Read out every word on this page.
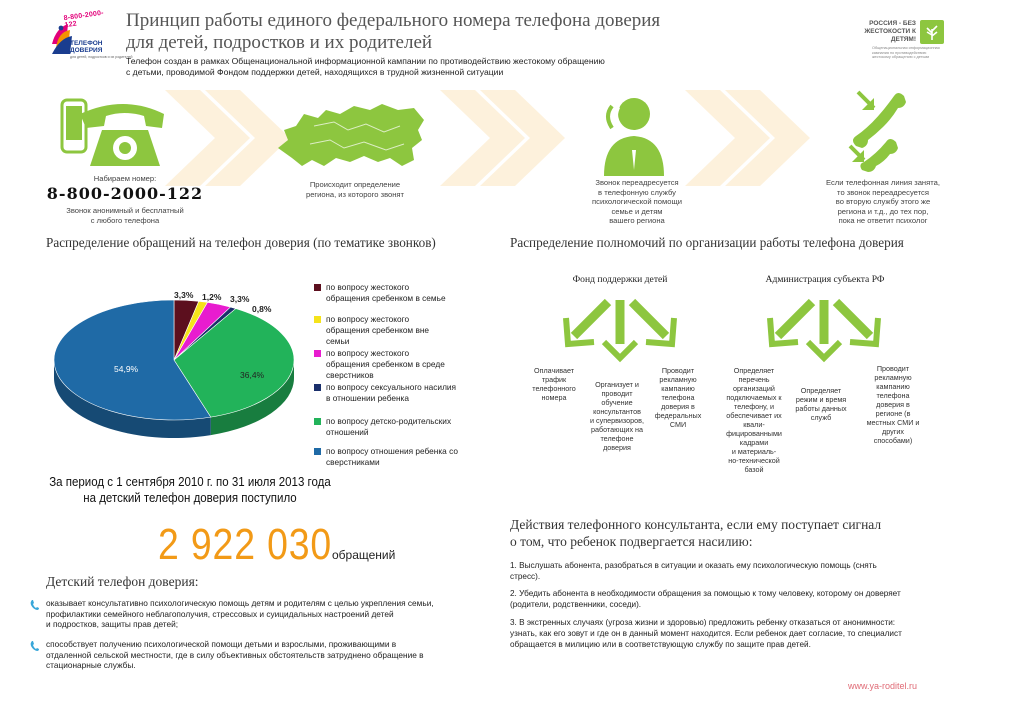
8-800-2000-122
ТЕЛЕФОН ДОВЕРИЯ
для детей, подростков и их родителей
Принцип работы единого федерального номера телефона доверия
для детей, подростков и их родителей
Телефон создан в рамках Общенациональной информационной кампании по противодействию жестокому обращению
с детьми, проводимой Фондом поддержки детей, находящихся в трудной жизненной ситуации
РОССИЯ - БЕЗ ЖЕСТОКОСТИ К ДЕТЯМ!
Общенациональная информационная кампания по противодействию жестокому обращению с детьми
Набираем номер:
8-800-2000-122
Звонок анонимный и бесплатный
с любого телефона
Происходит определение
региона, из которого звонят
Звонок переадресуется
в телефонную службу
психологической помощи
семье и детям
вашего региона
Если телефонная линия занята,
то звонок переадресуется
во вторую службу этого же
региона и т.д., до тех пор,
пока не ответит психолог
Распределение обращений на телефон доверия (по тематике звонков)
3,3% 1,2% 3,3%
0,8%
36,4%
54,9%
по вопросу жестокого
обращения сребенком в семье
по вопросу жестокого
обращения сребенком вне
семьи
по вопросу жестокого
обращения сребенком в среде
сверстников
по вопросу сексуального насилия
в отношении ребенка
по вопросу детско-родительских
отношений
по вопросу отношения ребенка со
сверстниками
За период с 1 сентября 2010 г. по 31 июля 2013 года
на детский телефон доверия поступило
2 922 030 обращений
Детский телефон доверия:
оказывает консультативно психологическую помощь детям и родителям с целью укрепления семьи,
профилактики семейного неблагополучия, стрессовых и суицидальных настроений детей
и подростков, защиты прав детей;
способствует получению психологической помощи детьми и взрослыми, проживающими в
отдаленной сельской местности, где в силу объективных обстоятельств затруднено обращение в
стационарные службы.
Распределение полномочий по организации работы телефона доверия
Фонд поддержки детей	Администрация субъекта РФ
Оплачивает
трафик
телефонного
номера
Организует и
проводит
обучение
консультантов
и супервизоров,
работающих на
телефоне
доверия
Проводит
рекламную
кампанию
телефона
доверия в
федеральных
СМИ
Определяет
перечень
организаций
подключаемых к
телефону, и
обеспечивает их
квали-
фицированными
кадрами
и материаль-
но-технической
базой
Определяет
режим и время
работы данных
служб
Проводит
рекламную
кампанию
телефона
доверия в
регионе (в
местных СМИ и
других
способами)
Действия телефонного консультанта, если ему поступает сигнал
о том, что ребенок подвергается насилию:
1. Выслушать абонента, разобраться в ситуации и оказать ему психологическую помощь (снять
стресс).
2. Убедить абонента в необходимости обращения за помощью к тому человеку, которому он доверяет
(родители, родственники, соседи).
3. В экстренных случаях (угроза жизни и здоровью) предложить ребенку отказаться от анонимности:
узнать, как его зовут и где он в данный момент находится. Если ребенок дает согласие, то специалист
обращается в милицию или в соответствующую службу по защите прав детей.
www.ya-roditel.ru
